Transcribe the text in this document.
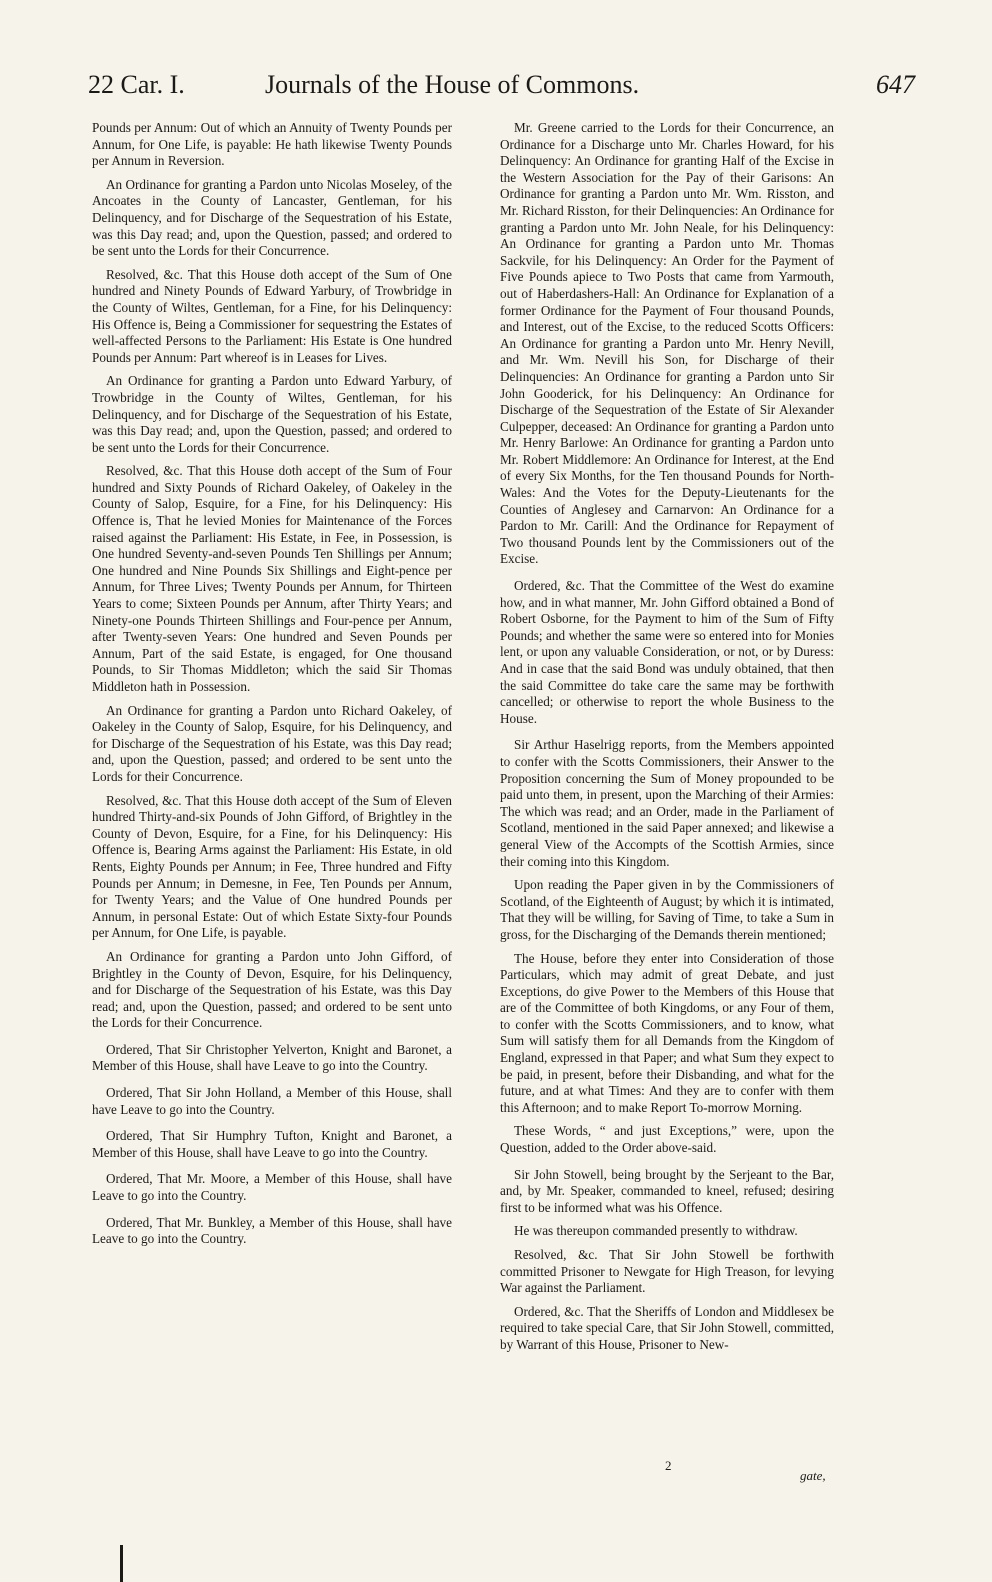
22 Car. I.	Journals of the House of Commons.	647

Pounds per Annum: Out of which an Annuity of Twenty Pounds per Annum, for One Life, is payable: He hath likewise Twenty Pounds per Annum in Reversion.

An Ordinance for granting a Pardon unto Nicolas Moseley, of the Ancoates in the County of Lancaster, Gentleman, for his Delinquency, and for Discharge of the Sequestration of his Estate, was this Day read; and, upon the Question, passed; and ordered to be sent unto the Lords for their Concurrence.

Resolved, &c. That this House doth accept of the Sum of One hundred and Ninety Pounds of Edward Yarbury, of Trowbridge in the County of Wiltes, Gentleman, for a Fine, for his Delinquency: His Offence is, Being a Commissioner for sequestring the Estates of well-affected Persons to the Parliament: His Estate is One hundred Pounds per Annum: Part whereof is in Leases for Lives.

An Ordinance for granting a Pardon unto Edward Yarbury, of Trowbridge in the County of Wiltes, Gentleman, for his Delinquency, and for Discharge of the Sequestration of his Estate, was this Day read; and, upon the Question, passed; and ordered to be sent unto the Lords for their Concurrence.

Resolved, &c. That this House doth accept of the Sum of Four hundred and Sixty Pounds of Richard Oakeley, of Oakeley in the County of Salop, Esquire, for a Fine, for his Delinquency: His Offence is, That he levied Monies for Maintenance of the Forces raised against the Parliament: His Estate, in Fee, in Possession, is One hundred Seventy-and-seven Pounds Ten Shillings per Annum; One hundred and Nine Pounds Six Shillings and Eight-pence per Annum, for Three Lives; Twenty Pounds per Annum, for Thirteen Years to come; Sixteen Pounds per Annum, after Thirty Years; and Ninety-one Pounds Thirteen Shillings and Four-pence per Annum, after Twenty-seven Years: One hundred and Seven Pounds per Annum, Part of the said Estate, is engaged, for One thousand Pounds, to Sir Thomas Middleton; which the said Sir Thomas Middleton hath in Possession.

An Ordinance for granting a Pardon unto Richard Oakeley, of Oakeley in the County of Salop, Esquire, for his Delinquency, and for Discharge of the Sequestration of his Estate, was this Day read; and, upon the Question, passed; and ordered to be sent unto the Lords for their Concurrence.

Resolved, &c. That this House doth accept of the Sum of Eleven hundred Thirty-and-six Pounds of John Gifford, of Brightley in the County of Devon, Esquire, for a Fine, for his Delinquency: His Offence is, Bearing Arms against the Parliament: His Estate, in old Rents, Eighty Pounds per Annum; in Fee, Three hundred and Fifty Pounds per Annum; in Demesne, in Fee, Ten Pounds per Annum, for Twenty Years; and the Value of One hundred Pounds per Annum, in personal Estate: Out of which Estate Sixty-four Pounds per Annum, for One Life, is payable.

An Ordinance for granting a Pardon unto John Gifford, of Brightley in the County of Devon, Esquire, for his Delinquency, and for Discharge of the Sequestration of his Estate, was this Day read; and, upon the Question, passed; and ordered to be sent unto the Lords for their Concurrence.

Ordered, That Sir Christopher Yelverton, Knight and Baronet, a Member of this House, shall have Leave to go into the Country.

Ordered, That Sir John Holland, a Member of this House, shall have Leave to go into the Country.

Ordered, That Sir Humphry Tufton, Knight and Baronet, a Member of this House, shall have Leave to go into the Country.

Ordered, That Mr. Moore, a Member of this House, shall have Leave to go into the Country.

Ordered, That Mr. Bunkley, a Member of this House, shall have Leave to go into the Country.

Mr. Greene carried to the Lords for their Concurrence, an Ordinance for a Discharge unto Mr. Charles Howard, for his Delinquency: An Ordinance for granting Half of the Excise in the Western Association for the Pay of their Garisons: An Ordinance for granting a Pardon unto Mr. Wm. Risston, and Mr. Richard Risston, for their Delinquencies: An Ordinance for granting a Pardon unto Mr. John Neale, for his Delinquency: An Ordinance for granting a Pardon unto Mr. Thomas Sackvile, for his Delinquency: An Order for the Payment of Five Pounds apiece to Two Posts that came from Yarmouth, out of Haberdashers-Hall: An Ordinance for Explanation of a former Ordinance for the Payment of Four thousand Pounds, and Interest, out of the Excise, to the reduced Scotts Officers: An Ordinance for granting a Pardon unto Mr. Henry Nevill, and Mr. Wm. Nevill his Son, for Discharge of their Delinquencies: An Ordinance for granting a Pardon unto Sir John Gooderick, for his Delinquency: An Ordinance for Discharge of the Sequestration of the Estate of Sir Alexander Culpepper, deceased: An Ordinance for granting a Pardon unto Mr. Henry Barlowe: An Ordinance for granting a Pardon unto Mr. Robert Middlemore: An Ordinance for Interest, at the End of every Six Months, for the Ten thousand Pounds for North-Wales: And the Votes for the Deputy-Lieutenants for the Counties of Anglesey and Carnarvon: An Ordinance for a Pardon to Mr. Carill: And the Ordinance for Repayment of Two thousand Pounds lent by the Commissioners out of the Excise.

Ordered, &c. That the Committee of the West do examine how, and in what manner, Mr. John Gifford obtained a Bond of Robert Osborne, for the Payment to him of the Sum of Fifty Pounds; and whether the same were so entered into for Monies lent, or upon any valuable Consideration, or not, or by Duress: And in case that the said Bond was unduly obtained, that then the said Committee do take care the same may be forthwith cancelled; or otherwise to report the whole Business to the House.

Sir Arthur Haselrigg reports, from the Members appointed to confer with the Scotts Commissioners, their Answer to the Proposition concerning the Sum of Money propounded to be paid unto them, in present, upon the Marching of their Armies: The which was read; and an Order, made in the Parliament of Scotland, mentioned in the said Paper annexed; and likewise a general View of the Accompts of the Scottish Armies, since their coming into this Kingdom.

Upon reading the Paper given in by the Commissioners of Scotland, of the Eighteenth of August; by which it is intimated, That they will be willing, for Saving of Time, to take a Sum in gross, for the Discharging of the Demands therein mentioned;

The House, before they enter into Consideration of those Particulars, which may admit of great Debate, and just Exceptions, do give Power to the Members of this House that are of the Committee of both Kingdoms, or any Four of them, to confer with the Scotts Commissioners, and to know, what Sum will satisfy them for all Demands from the Kingdom of England, expressed in that Paper; and what Sum they expect to be paid, in present, before their Disbanding, and what for the future, and at what Times: And they are to confer with them this Afternoon; and to make Report To-morrow Morning.

These Words, “ and just Exceptions,” were, upon the Question, added to the Order above-said.

Sir John Stowell, being brought by the Serjeant to the Bar, and, by Mr. Speaker, commanded to kneel, refused; desiring first to be informed what was his Offence.

He was thereupon commanded presently to withdraw.

Resolved, &c. That Sir John Stowell be forthwith committed Prisoner to Newgate for High Treason, for levying War against the Parliament.

Ordered, &c. That the Sheriffs of London and Middlesex be required to take special Care, that Sir John Stowell, committed, by Warrant of this House, Prisoner to New-

2
gate,
